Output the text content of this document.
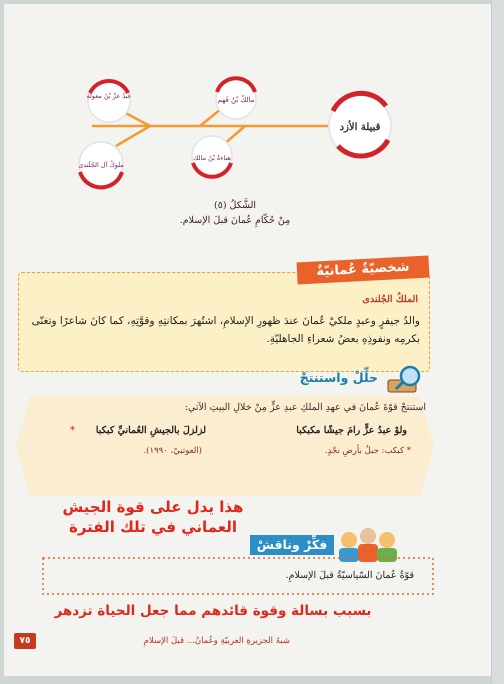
قبيلة الأزد
مالكُ بْنُ فَهم
عبدُ عزّ بْنُ معولة
هناءةُ بْنُ مالك
ملوكُ آل الجُلَندى
الشَّكلُ (٥)
مِنْ حُكّامِ عُمانَ قبلَ الإسلام.
شخصيّةٌ عُمانيّةٌ
الملكُ الجُلندى
والدُ جيفرٍ وعبدٍ ملكيْ عُمانَ عندَ ظهورِ الإسلامِ، اشتُهرَ بمكانتِهِ وقوَّتِهِ، كما كانَ شاعرًا وتغنّى بكرمِه ونفوذِهِ بعضُ شعراءِ الجاهليّةِ.
حلِّلْ واستنتجْ
استنتجْ قوّةَ عُمانَ في عهدِ الملكِ عبدِ عزٍّ مِنْ خلالِ البيتِ الآتي:
ولوْ عبدُ عزٍّ رامَ جيشًا مكبكبا
لزلزلَ بالجيشِ العُمانيِّ كبكبا
*
* كبكب: جبلٌ بأرضِ نجْدٍ.
(العوتبيّ، ١٩٩٠).
هذا يدل على قوة الجيش
العماني في تلك الفترة
فكِّرْ وناقشْ
قوّةُ عُمانَ السّياسيّةُ قبلَ الإسلامِ.
بسبب بسالة وقوة قائدهم مما جعل الحياة تزدهر
شبهُ الجزيرةِ العربيّةِ وعُمانُ... قبلَ الإسلامِ
٧٥
